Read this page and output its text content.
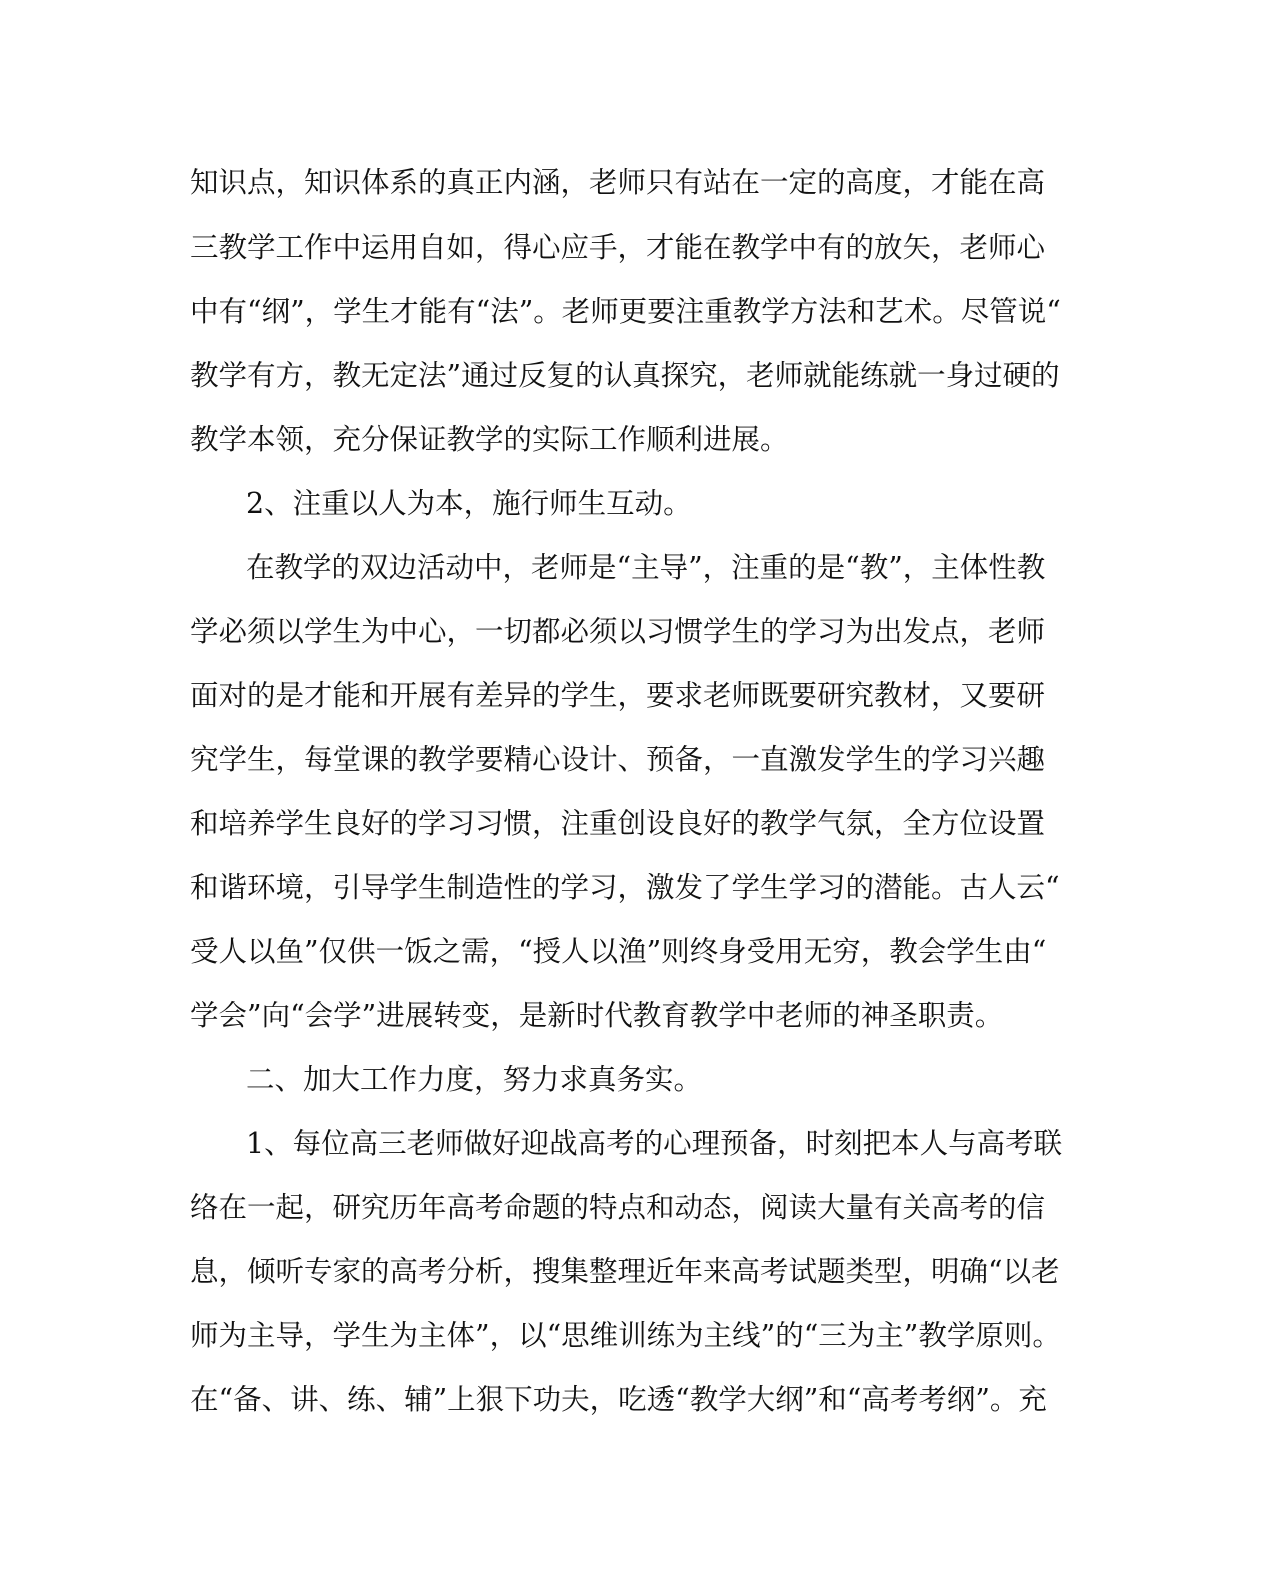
知识点，知识体系的真正内涵，老师只有站在一定的高度，才能在高
三教学工作中运用自如，得心应手，才能在教学中有的放矢，老师心
中有“纲”，学生才能有“法”。老师更要注重教学方法和艺术。尽管说“
教学有方，教无定法”通过反复的认真探究，老师就能练就一身过硬的
教学本领，充分保证教学的实际工作顺利进展。
2、注重以人为本，施行师生互动。
在教学的双边活动中，老师是“主导”，注重的是“教”，主体性教
学必须以学生为中心，一切都必须以习惯学生的学习为出发点，老师
面对的是才能和开展有差异的学生，要求老师既要研究教材，又要研
究学生，每堂课的教学要精心设计、预备，一直激发学生的学习兴趣
和培养学生良好的学习习惯，注重创设良好的教学气氛，全方位设置
和谐环境，引导学生制造性的学习，激发了学生学习的潜能。古人云“
受人以鱼”仅供一饭之需，“授人以渔”则终身受用无穷，教会学生由“
学会”向“会学”进展转变，是新时代教育教学中老师的神圣职责。
二、加大工作力度，努力求真务实。
1、每位高三老师做好迎战高考的心理预备，时刻把本人与高考联
络在一起，研究历年高考命题的特点和动态，阅读大量有关高考的信
息，倾听专家的高考分析，搜集整理近年来高考试题类型，明确“以老
师为主导，学生为主体”，以“思维训练为主线”的“三为主”教学原则。
在“备、讲、练、辅”上狠下功夫，吃透“教学大纲”和“高考考纲”。充
